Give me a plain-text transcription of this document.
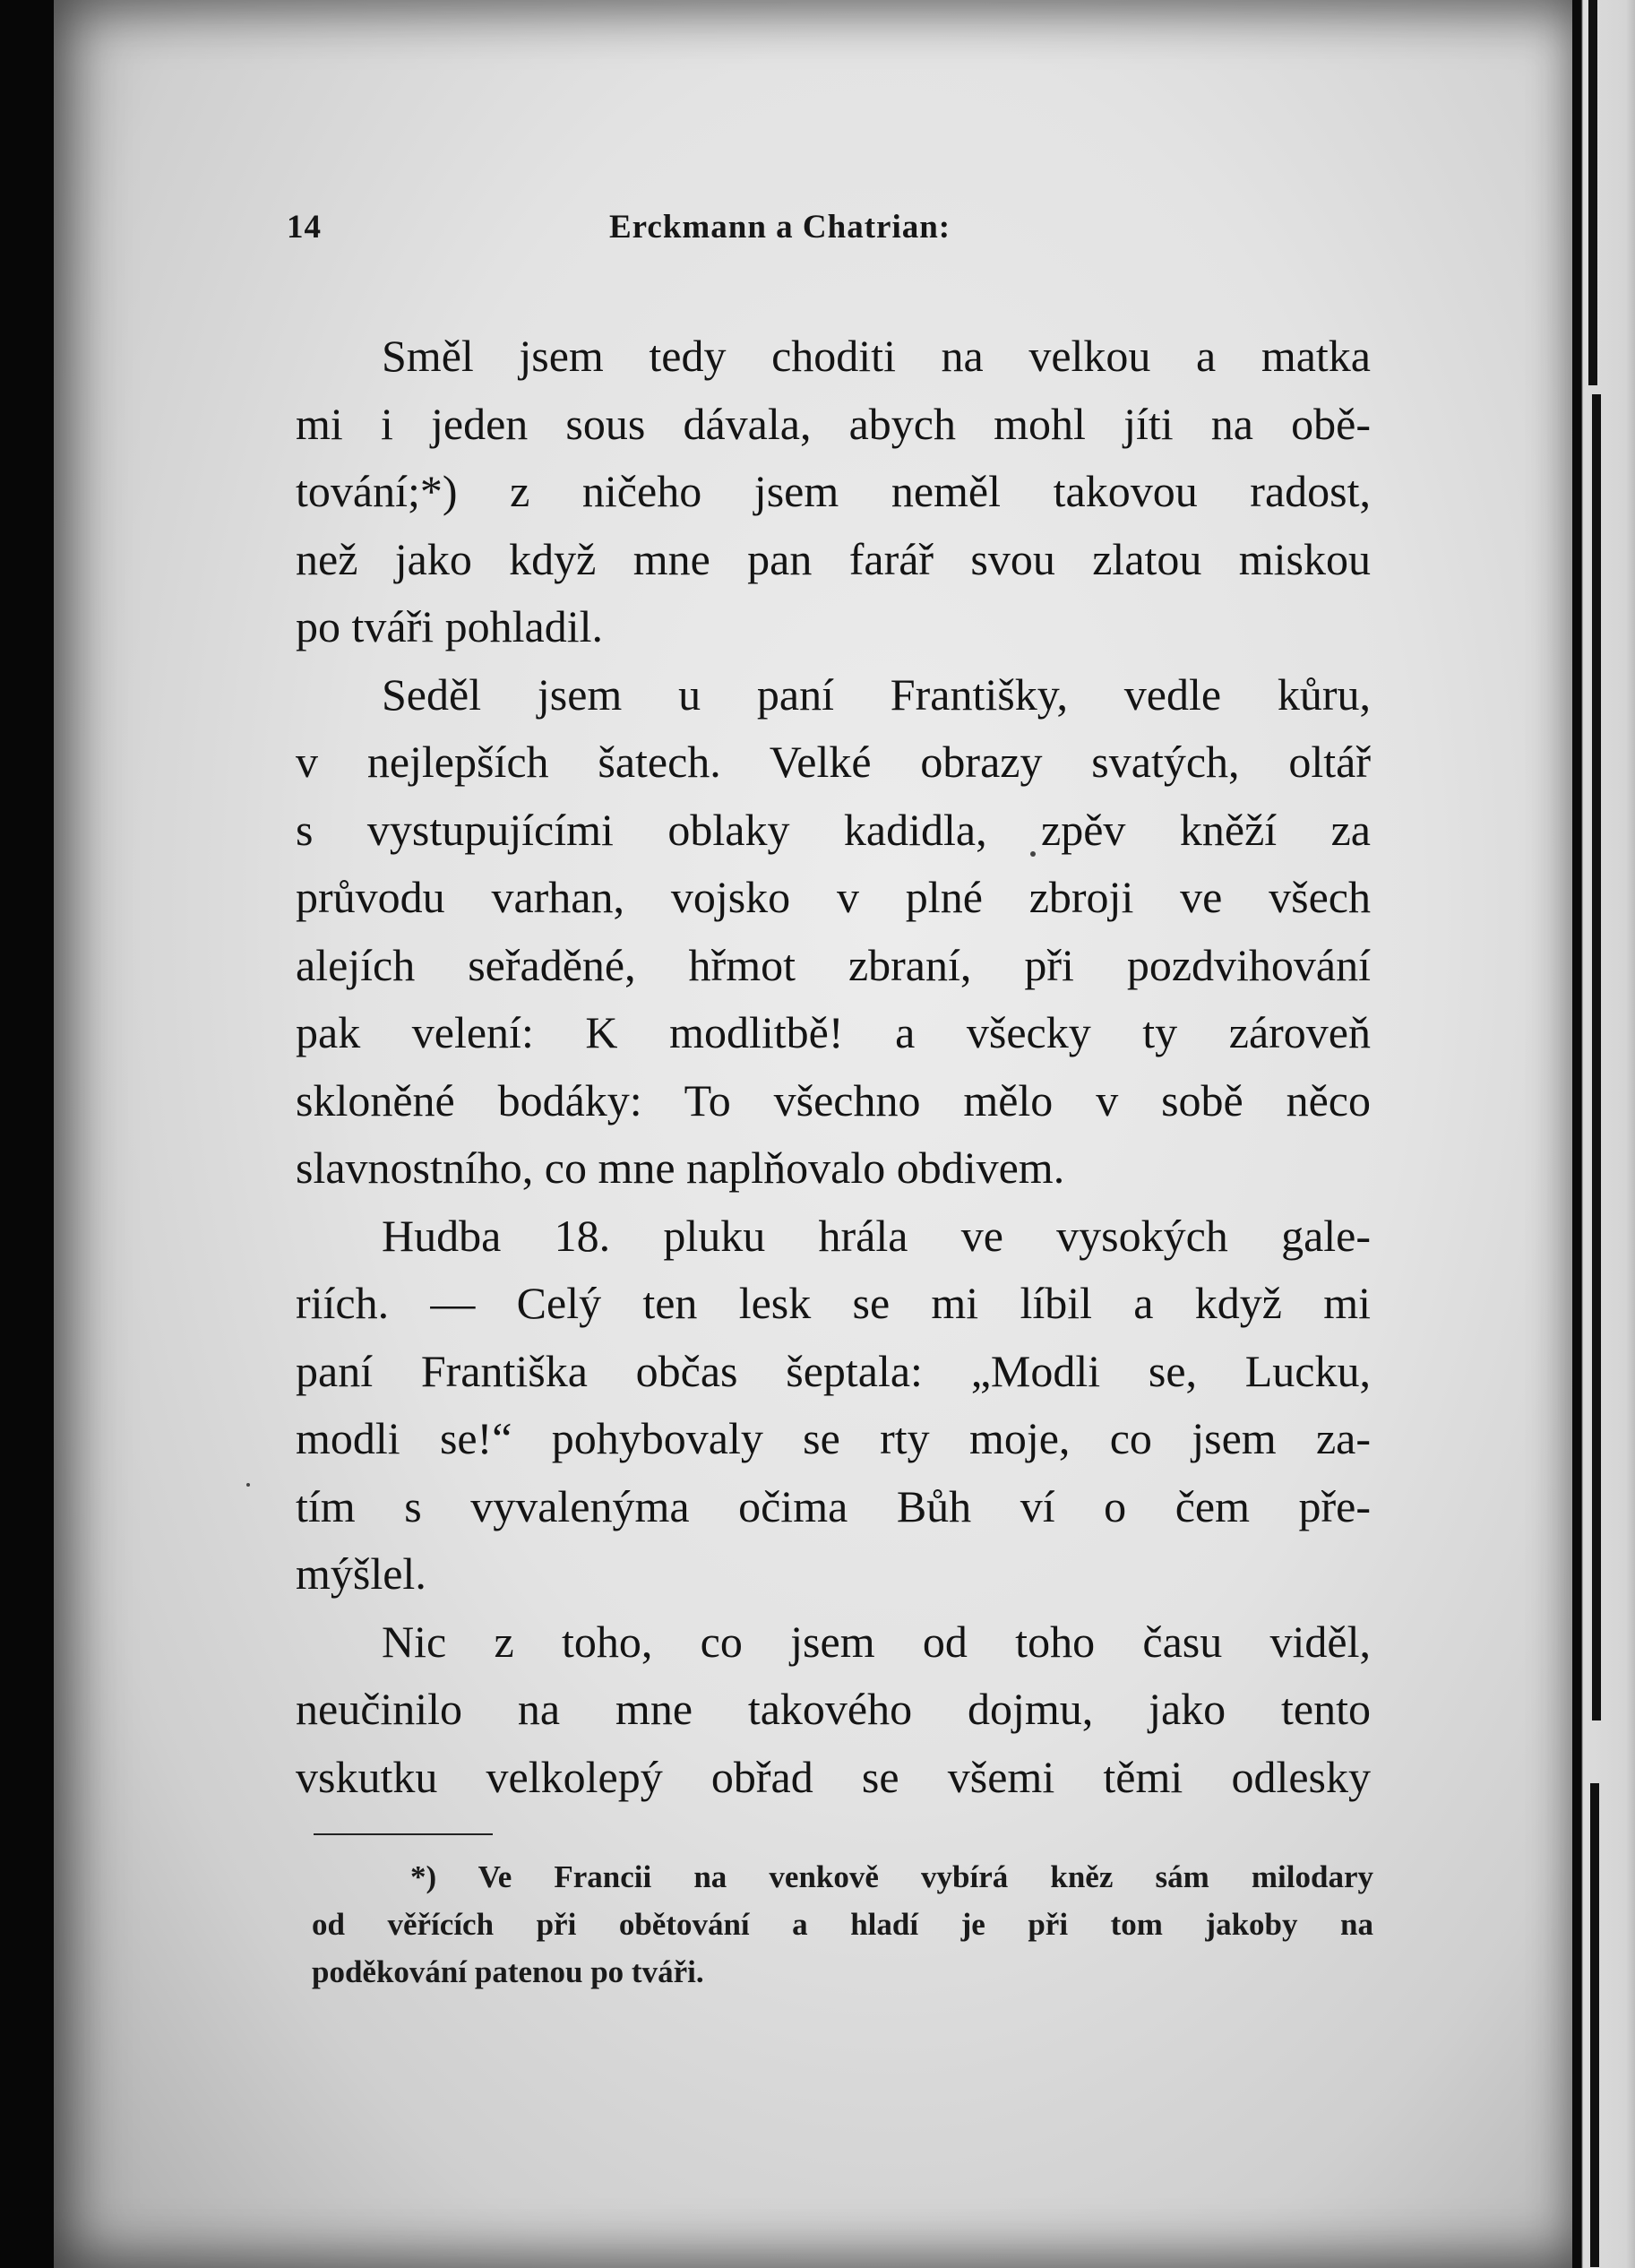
14	Erckmann a Chatrian:
Směl jsem tedy choditi na velkou a matka
mi i jeden sous dávala, abych mohl jíti na obě-
tování;*) z ničeho jsem neměl takovou radost,
než jako když mne pan farář svou zlatou miskou
po tváři pohladil.
Seděl jsem u paní Františky, vedle kůru,
v nejlepších šatech. Velké obrazy svatých, oltář
s vystupujícími oblaky kadidla, zpěv kněží za
průvodu varhan, vojsko v plné zbroji ve všech
alejích seřaděné, hřmot zbraní, při pozdvihování
pak velení: K modlitbě! a všecky ty zároveň
skloněné bodáky: To všechno mělo v sobě něco
slavnostního, co mne naplňovalo obdivem.
Hudba 18. pluku hrála ve vysokých gale-
riích. — Celý ten lesk se mi líbil a když mi
paní Františka občas šeptala: „Modli se, Lucku,
modli se!“ pohybovaly se rty moje, co jsem za-
tím s vyvalenýma očima Bůh ví o čem pře-
mýšlel.
Nic z toho, co jsem od toho času viděl,
neučinilo na mne takového dojmu, jako tento
vskutku velkolepý obřad se všemi těmi odlesky
*) Ve Francii na venkově vybírá kněz sám milodary
od věřících při obětování a hladí je při tom jakoby na
poděkování patenou po tváři.
